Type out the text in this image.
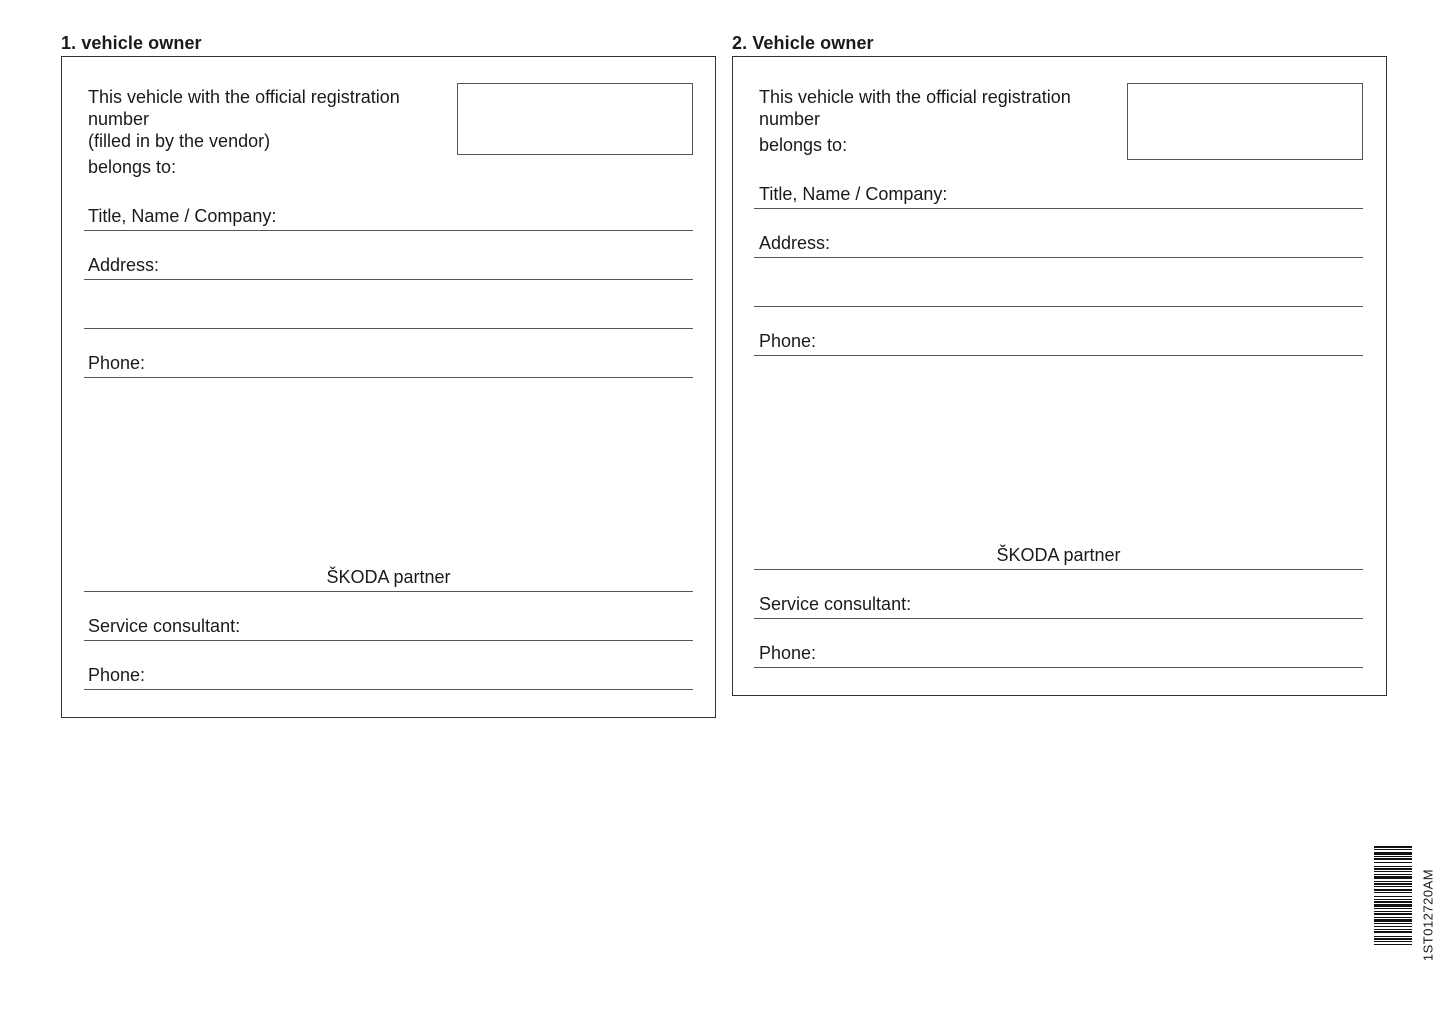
1. vehicle owner
This vehicle with the official registration
number
(filled in by the vendor)
belongs to:
Title, Name / Company:
Address:
Phone:
ŠKODA partner
Service consultant:
Phone:
2. Vehicle owner
This vehicle with the official registration
number
belongs to:
Title, Name / Company:
Address:
Phone:
ŠKODA partner
Service consultant:
Phone:
1ST012720AM
